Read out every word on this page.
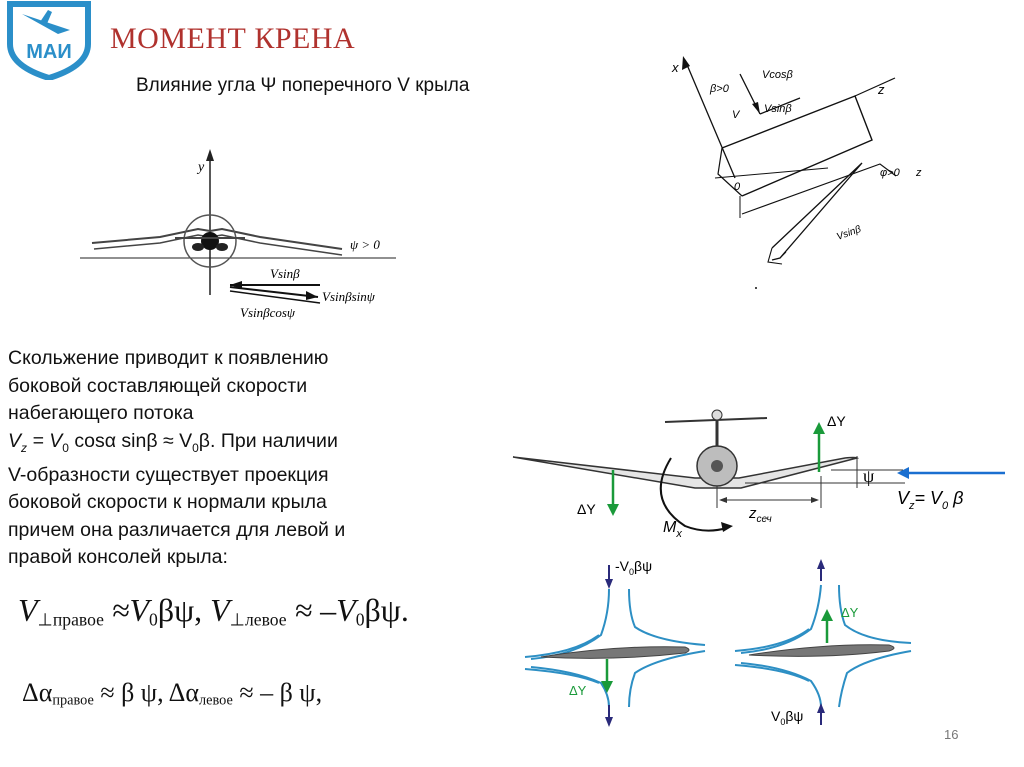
МАИ МОМЕНТ КРЕНА
Влияние угла Ψ поперечного V крыла
y
ψ > 0
Vsinβ
Vsinβsinψ
Vsinβcosψ
x
β>0
Vcosβ
V Vsinβ
z
0
φ>0 z
Vsinβ
Скольжение приводит к появлению
боковой составляющей скорости
набегающего потока
$V_z = V_0$ cosα $\sin\beta \approx V_0\beta$. При наличии
V-образности существует проекция
боковой скорости к нормали крыла
причем она различается для левой и
правой консолей крыла:
$V_{\perp правое} \approx V_0\beta\psi$, $V_{\perp левое} \approx -V_0\beta\psi$.
$\Delta\alpha_{правое} \approx \beta$ ψ, $\Delta\alpha_{левое}$ ≈ – β ψ,
ΔY
ΔY
ψ
$z_{сеч}$
$M_x$
$V_z= V_0$ β
$-V_0\beta\psi$
ΔY
ΔY
$V_0\beta\psi$
16
